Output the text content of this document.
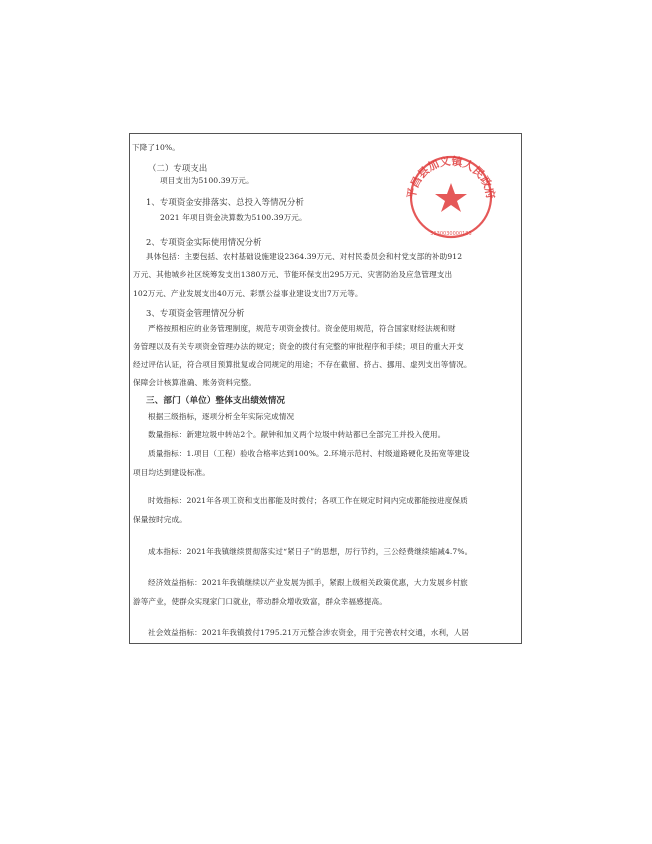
下降了10%。
（二）专项支出
项目支出为5100.39万元。
1、专项资金安排落实、总投入等情况分析
2021 年项目资金决算数为5100.39万元。
2、专项资金实际使用情况分析
具体包括：主要包括、农村基础设施建设2364.39万元、对村民委员会和村党支部的补助912
万元、其他城乡社区统筹发支出1380万元、节能环保支出295万元、灾害防治及应急管理支出
102万元、产业发展支出40万元、彩票公益事业建设支出7万元等。
3、专项资金管理情况分析
严格按照相应的业务管理制度，规范专项资金拨付。资金使用规范，符合国家财经法规和财
务管理以及有关专项资金管理办法的规定；资金的拨付有完整的审批程序和手续；项目的重大开支
经过评估认证，符合项目预算批复或合同规定的用途；不存在截留、挤占、挪用、虚列支出等情况。
保障会计核算准确、账务资料完整。
三、部门（单位）整体支出绩效情况
根据三级指标，逐项分析全年实际完成情况
数量指标：新建垃圾中转站2个。献钟和加义两个垃圾中转站都已全部完工并投入使用。
质量指标：1.项目（工程）验收合格率达到100%。2.环境示范村、村级道路硬化及拓宽等建设
项目均达到建设标准。
时效指标：2021年各项工资和支出都能及时拨付；各项工作在规定时间内完成都能按进度保质
保量按时完成。
成本指标：2021年我镇继续贯彻落实过“紧日子”的思想，厉行节约，三公经费继续缩减4.7%。
经济效益指标：2021年我镇继续以产业发展为抓手，紧跟上级相关政策优惠，大力发展乡村旅
游等产业，使群众实现家门口就业，带动群众增收致富，群众幸福感提高。
社会效益指标：2021年我镇拨付1795.21万元整合涉农资金，用于完善农村交通，水利，人居
平昌县加义镇人民政府
5130030000183
